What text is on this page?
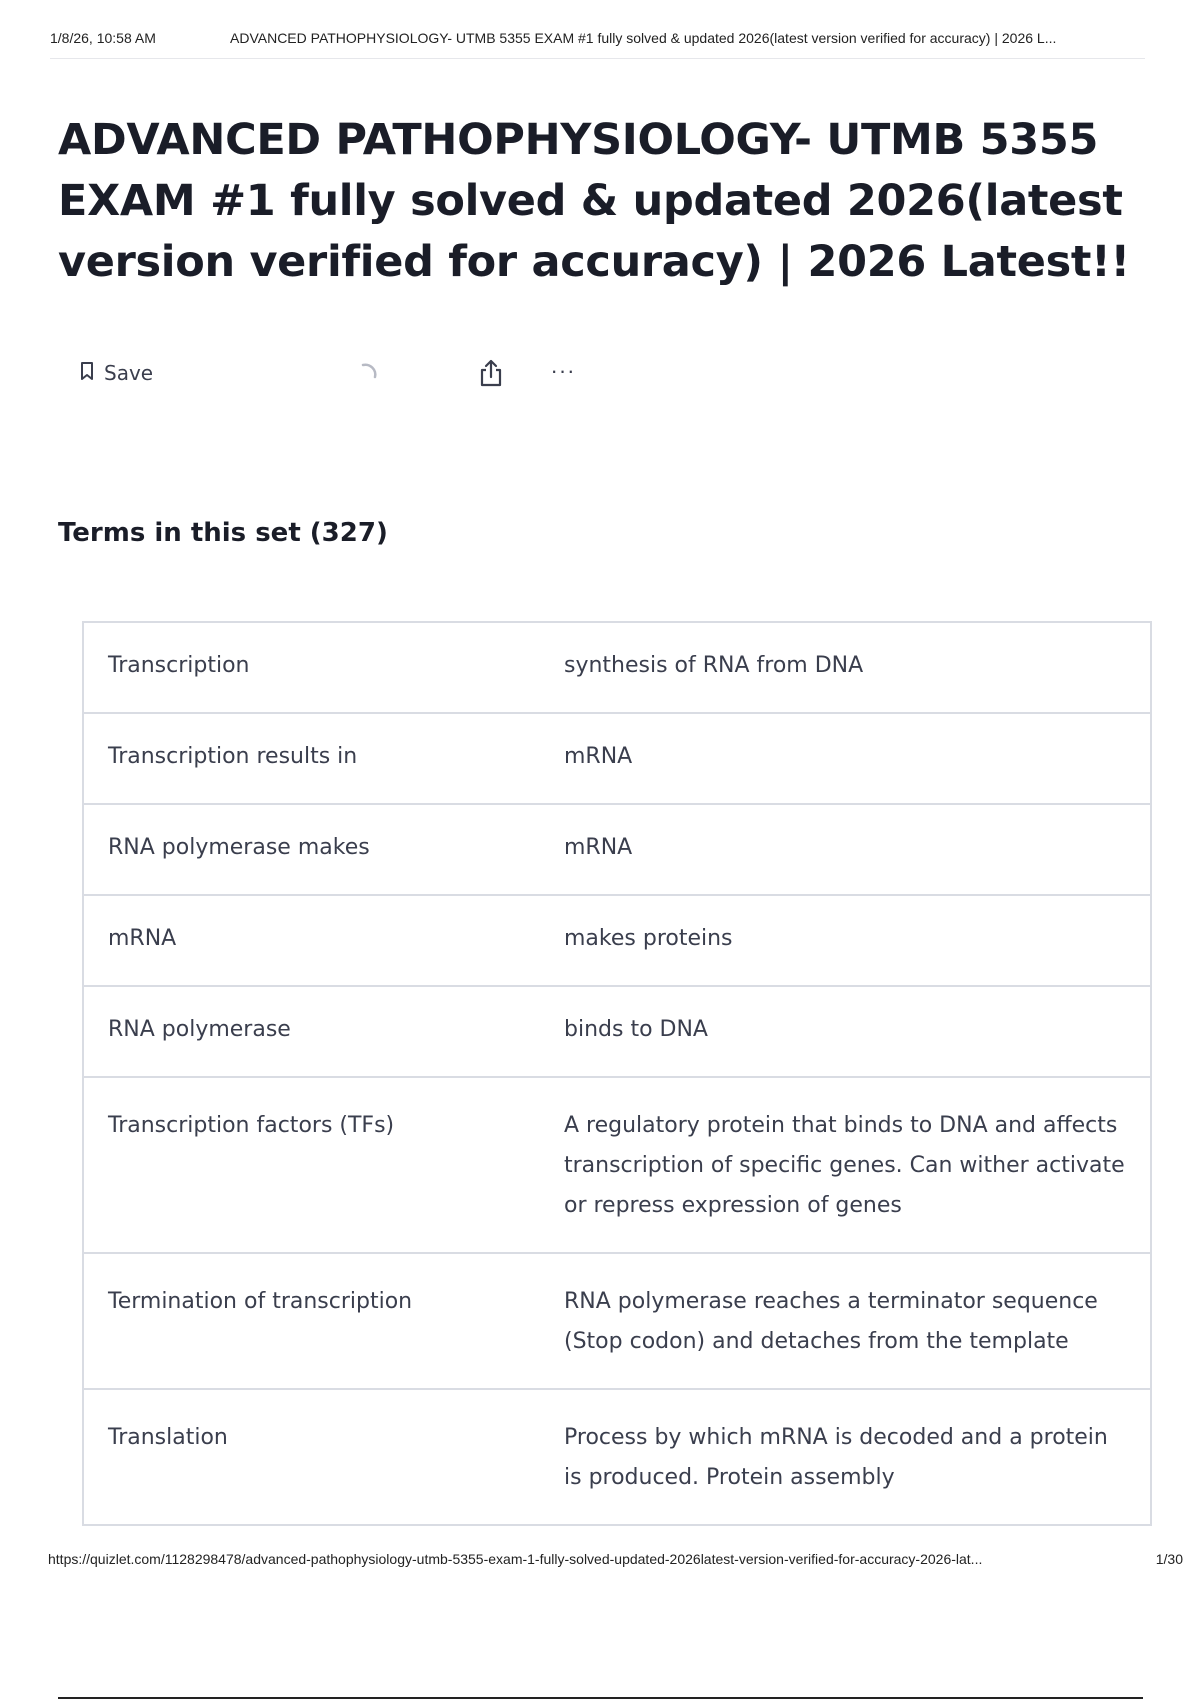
1/8/26, 10:58 AM	ADVANCED PATHOPHYSIOLOGY- UTMB 5355 EXAM #1 fully solved & updated 2026(latest version verified for accuracy) | 2026 L...
ADVANCED PATHOPHYSIOLOGY- UTMB 5355 EXAM #1 fully solved & updated 2026(latest version verified for accuracy) | 2026 Latest!!
Save	···
Terms in this set (327)
Transcription	synthesis of RNA from DNA
Transcription results in	mRNA
RNA polymerase makes	mRNA
mRNA	makes proteins
RNA polymerase	binds to DNA
Transcription factors (TFs)	A regulatory protein that binds to DNA and affects transcription of specific genes. Can wither activate or repress expression of genes
Termination of transcription	RNA polymerase reaches a terminator sequence (Stop codon) and detaches from the template
Translation	Process by which mRNA is decoded and a protein is produced. Protein assembly
https://quizlet.com/1128298478/advanced-pathophysiology-utmb-5355-exam-1-fully-solved-updated-2026latest-version-verified-for-accuracy-2026-lat...	1/30
